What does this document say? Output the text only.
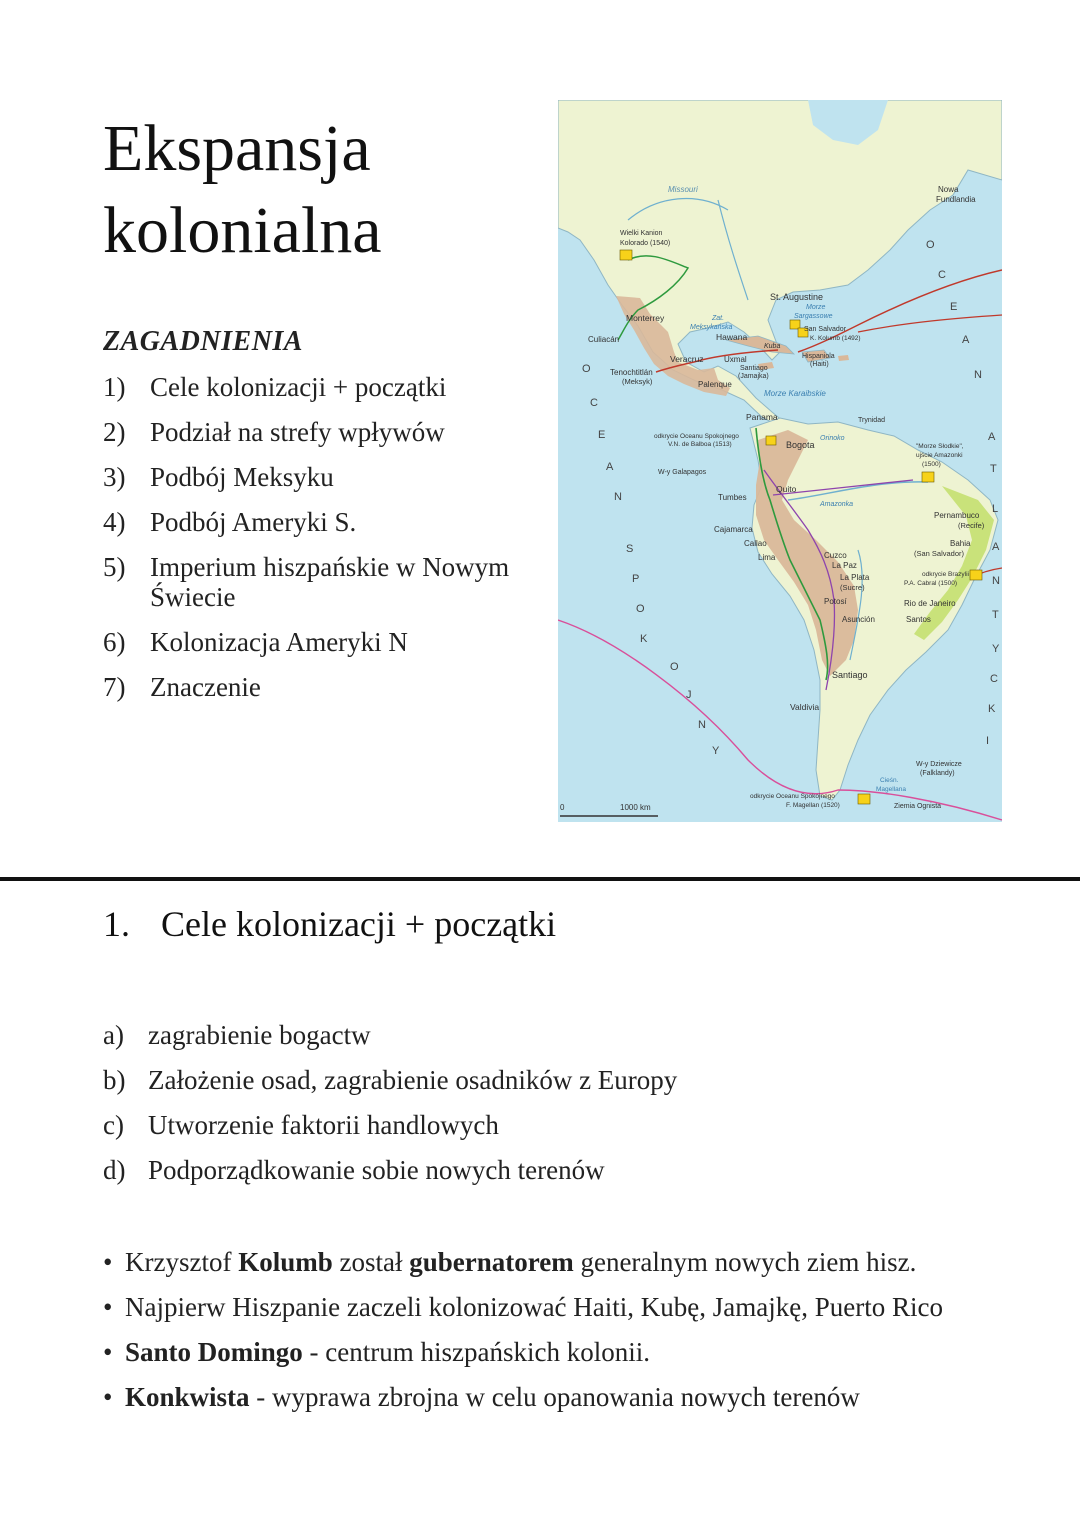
Ekspansja
kolonialna
ZAGADNIENIA
1) Cele kolonizacji + początki
2) Podział na strefy wpływów
3) Podbój Meksyku
4) Podbój Ameryki S.
5) Imperium hiszpańskie w Nowym Świecie
6) Kolonizacja Ameryki N
7) Znaczenie
Missouri	Nowa
Fundlandia
Wielki Kanion
Kolorado (1540)
St. Augustine
Morze
Sargassowe
San Salvador
K. Kolumb (1492)
Monterrey	Zat.
Meksykańska
Hawana
Kuba
Culiacán
Veracruz	Uxmal	Hispaniola
(Haiti)
Tenochtitlán
(Meksyk)
Santiago
(Jamajka)
Palenque
Morze Karaibskie
Trynidad
Panama
odkrycie Oceanu Spokojnego
V.N. de Balboa (1513)	Bogota
Orinoko
"Morze Słodkie",
ujście Amazonki
(1500)
W-y Galapagos
Tumbes
Quito
Amazonka
Pernambuco
(Recife)
Cajamarca
Callao
Lima
Bahia
(San Salvador)
Cuzco
La Paz
La Plata
(Sucre)
odkrycie Brazylii
P.A. Cabral (1500)
Potosí	Rio de Janeiro
Asunción	Santos
Santiago
Valdivia
W-y Dziewicze
(Falklandy)
Cieśn.
Magellana
odkrycie Oceanu Spokojnego
F. Magellan (1520)	Ziemia Ognista
0	1000 km
O
C
E
A
N
S
P
O
K
O
J
N
Y
O
C
E
A
N
A
T
L
A
N
T
Y
C
K
I
1. Cele kolonizacji + początki
a) zagrabienie bogactw
b) Założenie osad, zagrabienie osadników z Europy
c) Utworzenie faktorii handlowych
d) Podporządkowanie sobie nowych terenów
• Krzysztof Kolumb został gubernatorem generalnym nowych ziem hisz.
• Najpierw Hiszpanie zaczeli kolonizować Haiti, Kubę, Jamajkę, Puerto Rico
• Santo Domingo - centrum hiszpańskich kolonii.
• Konkwista - wyprawa zbrojna w celu opanowania nowych terenów
